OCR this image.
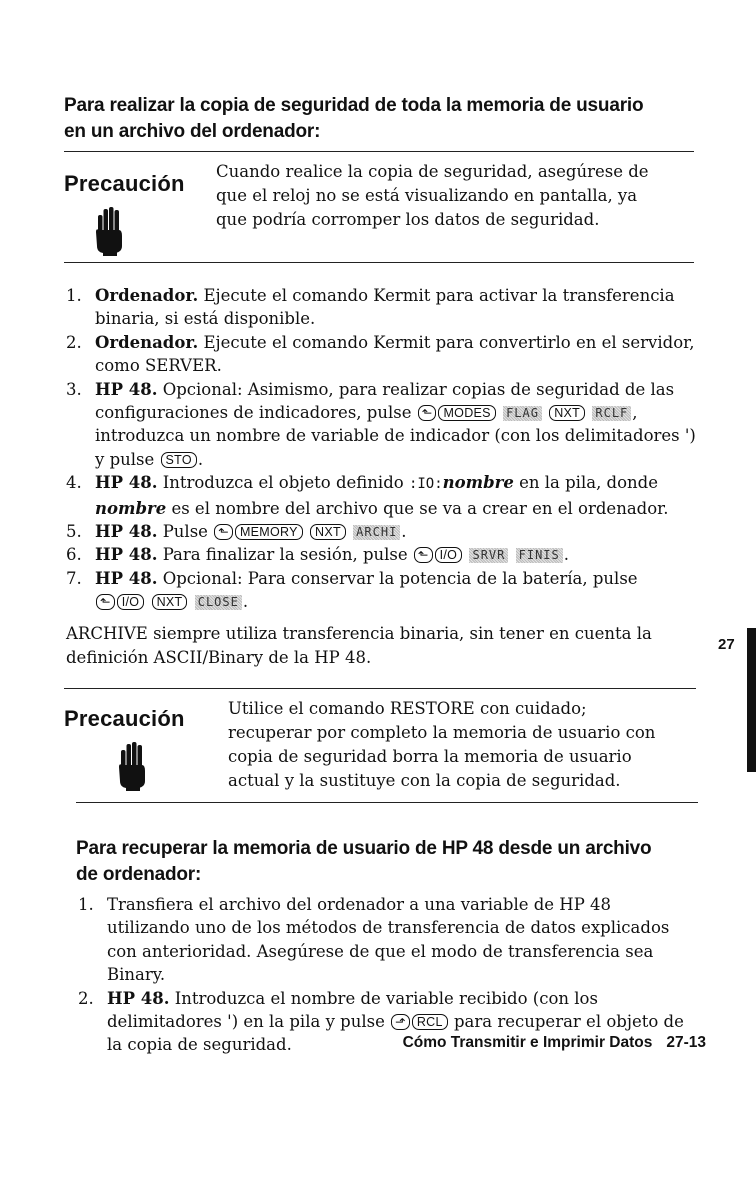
Para realizar la copia de seguridad de toda la memoria de usuario
en un archivo del ordenador:
Precaución Cuando realice la copia de seguridad, asegúrese de
que el reloj no se está visualizando en pantalla, ya
que podría corromper los datos de seguridad.
1. Ordenador. Ejecute el comando Kermit para activar la transferencia binaria, si está disponible.
2. Ordenador. Ejecute el comando Kermit para convertirlo en el servidor, como SERVER.
3. HP 48. Opcional: Asimismo, para realizar copias de seguridad de las configuraciones de indicadores, pulse ⬑ MODES FLAG NXT RCLF , introduzca un nombre de variable de indicador (con los delimitadores ') y pulse STO .
4. HP 48. Introduzca el objeto definido :IO:nombre en la pila, donde nombre es el nombre del archivo que se va a crear en el ordenador.
5. HP 48. Pulse ⬑ MEMORY NXT ARCHI .
6. HP 48. Para finalizar la sesión, pulse ⬑ I/O SRVR FINIS .
7. HP 48. Opcional: Para conservar la potencia de la batería, pulse
⬑ I/O NXT CLOSE .
ARCHIVE siempre utiliza transferencia binaria, sin tener en cuenta la
definición ASCII/Binary de la HP 48.
27
Precaución	Utilice el comando RESTORE con cuidado;
recuperar por completo la memoria de usuario con
copia de seguridad borra la memoria de usuario
actual y la sustituye con la copia de seguridad.
Para recuperar la memoria de usuario de HP 48 desde un archivo
de ordenador:
1. Transfiera el archivo del ordenador a una variable de HP 48 utilizando uno de los métodos de transferencia de datos explicados con anterioridad. Asegúrese de que el modo de transferencia sea Binary.
2. HP 48. Introduzca el nombre de variable recibido (con los delimitadores ') en la pila y pulse ⬏ RCL para recuperar el objeto de la copia de seguridad.	Cómo Transmitir e Imprimir Datos 27-13
